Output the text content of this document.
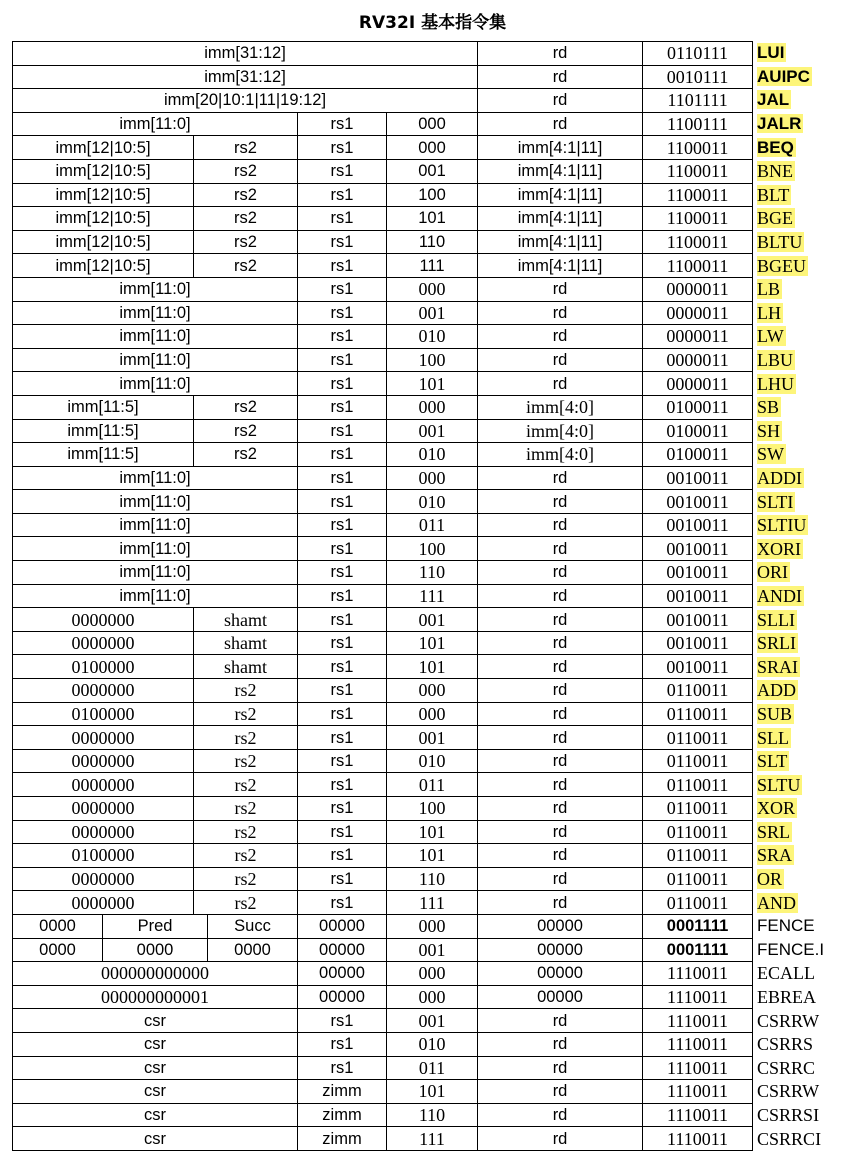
RV32I 基本指令集
imm[31:12]						rd	0110111	LUI
imm[31:12]						rd	0010111	AUIPC
imm[20|10:1|11|19:12]						rd	1101111	JAL
imm[11:0]				rs1	000	rd	1100111	JALR
imm[12|10:5]		rs2		rs1	000	imm[4:1|11]	1100011	BEQ
imm[12|10:5]		rs2		rs1	001	imm[4:1|11]	1100011	BNE
imm[12|10:5]		rs2		rs1	100	imm[4:1|11]	1100011	BLT
imm[12|10:5]		rs2		rs1	101	imm[4:1|11]	1100011	BGE
imm[12|10:5]		rs2		rs1	110	imm[4:1|11]	1100011	BLTU
imm[12|10:5]		rs2		rs1	111	imm[4:1|11]	1100011	BGEU
imm[11:0]				rs1	000	rd	0000011	LB
imm[11:0]				rs1	001	rd	0000011	LH
imm[11:0]				rs1	010	rd	0000011	LW
imm[11:0]				rs1	100	rd	0000011	LBU
imm[11:0]				rs1	101	rd	0000011	LHU
imm[11:5]		rs2		rs1	000	imm[4:0]	0100011	SB
imm[11:5]		rs2		rs1	001	imm[4:0]	0100011	SH
imm[11:5]		rs2		rs1	010	imm[4:0]	0100011	SW
imm[11:0]				rs1	000	rd	0010011	ADDI
imm[11:0]				rs1	010	rd	0010011	SLTI
imm[11:0]				rs1	011	rd	0010011	SLTIU
imm[11:0]				rs1	100	rd	0010011	XORI
imm[11:0]				rs1	110	rd	0010011	ORI
imm[11:0]				rs1	111	rd	0010011	ANDI
0000000		shamt		rs1	001	rd	0010011	SLLI
0000000		shamt		rs1	101	rd	0010011	SRLI
0100000		shamt		rs1	101	rd	0010011	SRAI
0000000		rs2		rs1	000	rd	0110011	ADD
0100000		rs2		rs1	000	rd	0110011	SUB
0000000		rs2		rs1	001	rd	0110011	SLL
0000000		rs2		rs1	010	rd	0110011	SLT
0000000		rs2		rs1	011	rd	0110011	SLTU
0000000		rs2		rs1	100	rd	0110011	XOR
0000000		rs2		rs1	101	rd	0110011	SRL
0100000		rs2		rs1	101	rd	0110011	SRA
0000000		rs2		rs1	110	rd	0110011	OR
0000000		rs2		rs1	111	rd	0110011	AND
0000	Pred		Succ	00000	000	00000	0001111	FENCE
0000	0000		0000	00000	001	00000	0001111	FENCE.I
000000000000				00000	000	00000	1110011	ECALL
000000000001				00000	000	00000	1110011	EBREA
csr				rs1	001	rd	1110011	CSRRW
csr				rs1	010	rd	1110011	CSRRS
csr				rs1	011	rd	1110011	CSRRC
csr				zimm	101	rd	1110011	CSRRW
csr				zimm	110	rd	1110011	CSRRSI
csr				zimm	111	rd	1110011	CSRRCI
